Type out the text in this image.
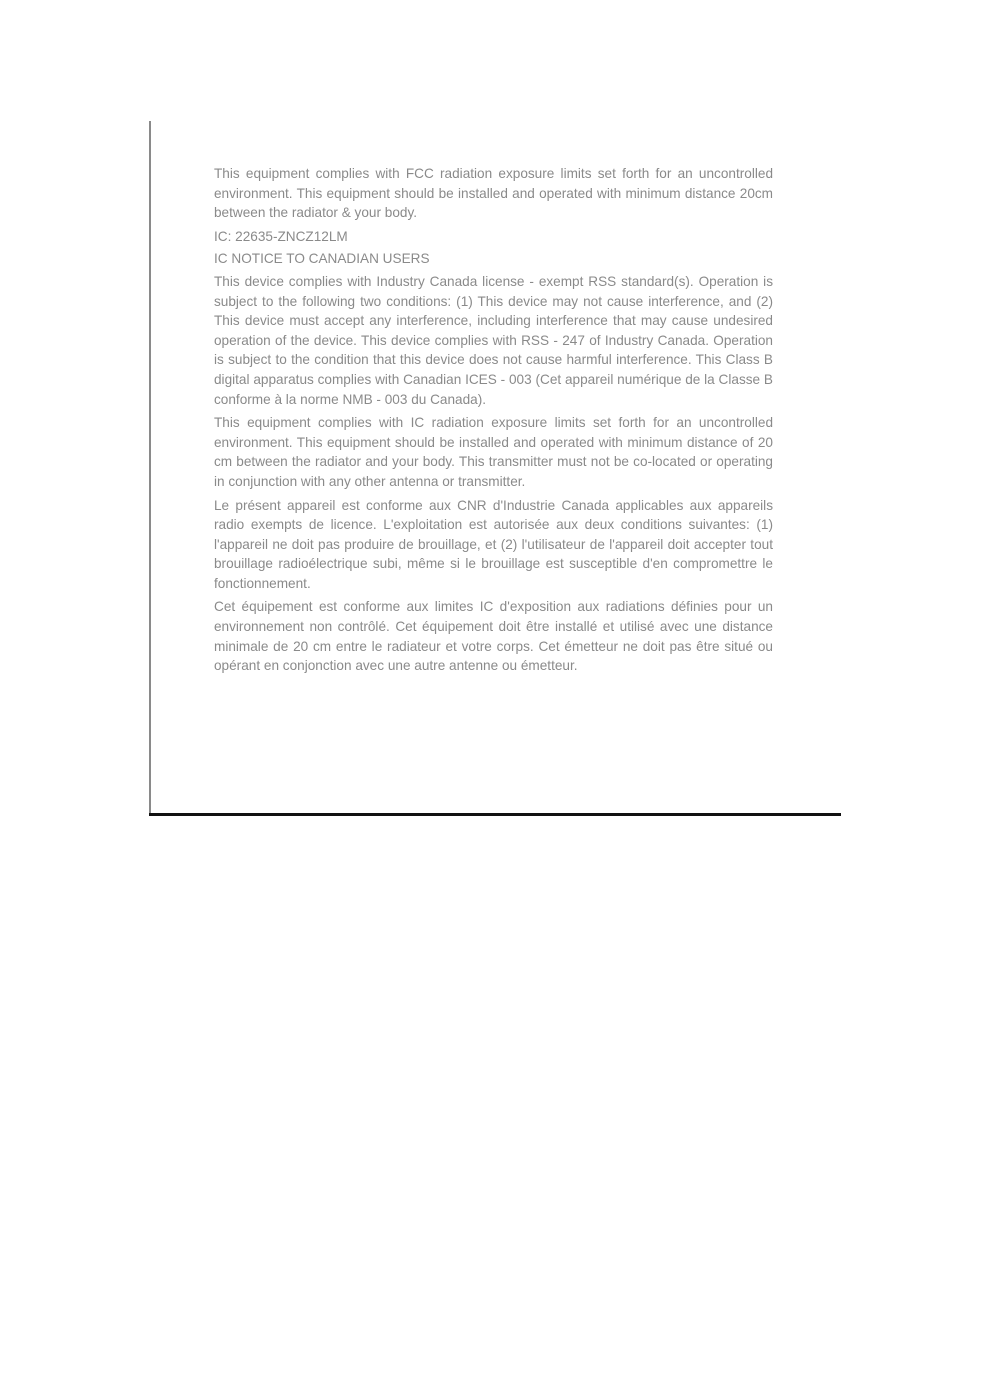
This equipment complies with FCC radiation exposure limits set forth for an uncontrolled environment. This equipment should be installed and operated with minimum distance 20cm between the radiator & your body.

IC: 22635-ZNCZ12LM
IC NOTICE TO CANADIAN USERS

This device complies with Industry Canada license - exempt RSS standard(s). Operation is subject to the following two conditions: (1) This device may not cause interference, and (2) This device must accept any interference, including interference that may cause undesired operation of the device. This device complies with RSS - 247 of Industry Canada. Operation is subject to the condition that this device does not cause harmful interference. This Class B digital apparatus complies with Canadian ICES - 003 (Cet appareil numérique de la Classe B conforme à la norme NMB - 003 du Canada).

This equipment complies with IC radiation exposure limits set forth for an uncontrolled environment. This equipment should be installed and operated with minimum distance of 20 cm between the radiator and your body. This transmitter must not be co-located or operating in conjunction with any other antenna or transmitter.

Le présent appareil est conforme aux CNR d'Industrie Canada applicables aux appareils radio exempts de licence. L'exploitation est autorisée aux deux conditions suivantes: (1) l'appareil ne doit pas produire de brouillage, et (2) l'utilisateur de l'appareil doit accepter tout brouillage radioélectrique subi, même si le brouillage est susceptible d'en compromettre le fonctionnement.

Cet équipement est conforme aux limites IC d'exposition aux radiations définies pour un environnement non contrôlé. Cet équipement doit être installé et utilisé avec une distance minimale de 20 cm entre le radiateur et votre corps. Cet émetteur ne doit pas être situé ou opérant en conjonction avec une autre antenne ou émetteur.
